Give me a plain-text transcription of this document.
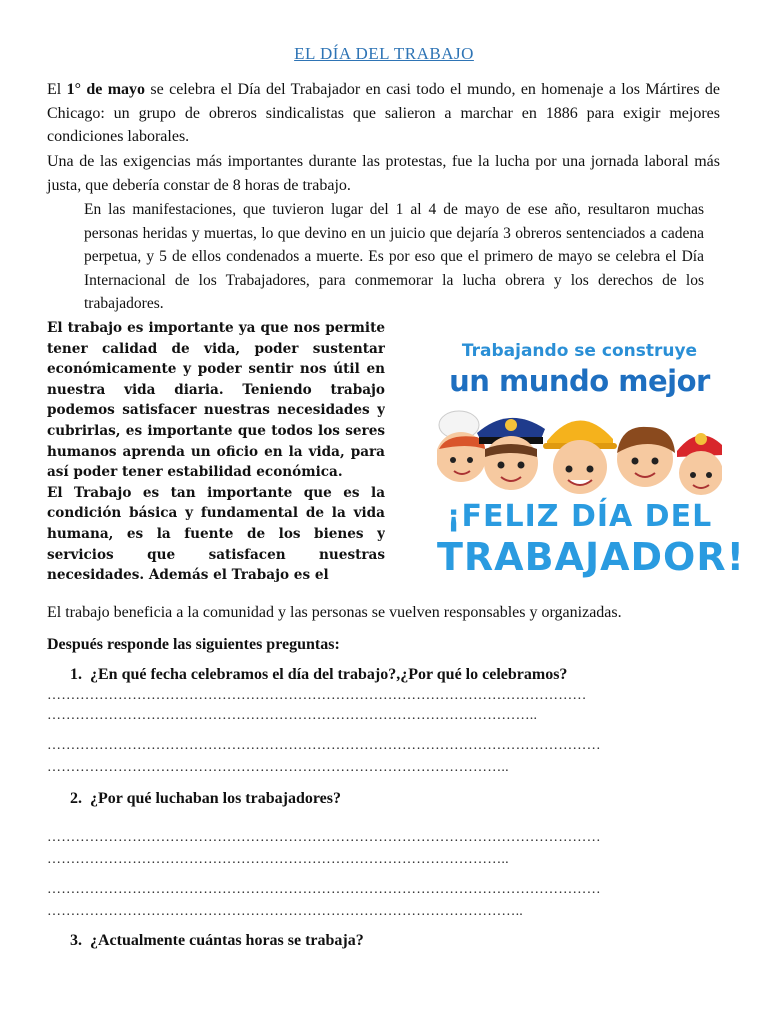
EL DÍA DEL TRABAJO

El 1° de mayo se celebra el Día del Trabajador en casi todo el mundo, en homenaje a los Mártires de Chicago: un grupo de obreros sindicalistas que salieron a marchar en 1886 para exigir mejores condiciones laborales.

Una de las exigencias más importantes durante las protestas, fue la lucha por una jornada laboral más justa, que debería constar de 8 horas de trabajo.

En las manifestaciones, que tuvieron lugar del 1 al 4 de mayo de ese año, resultaron muchas personas heridas y muertas, lo que devino en un juicio que dejaría 3 obreros sentenciados a cadena perpetua, y 5 de ellos condenados a muerte. Es por eso que el primero de mayo se celebra el Día Internacional de los Trabajadores, para conmemorar la lucha obrera y los derechos de los trabajadores.

El trabajo es importante ya que nos permite tener calidad de vida, poder sustentar económicamente y poder sentir nos útil en nuestra vida diaria. Teniendo trabajo podemos satisfacer nuestras necesidades y cubrirlas, es importante que todos los seres humanos aprenda un oficio en la vida, para así poder tener estabilidad económica.

El Trabajo es tan importante que es la condición básica y fundamental de la vida humana, es la fuente de los bienes y servicios que satisfacen nuestras necesidades. Además el Trabajo es el

Trabajando se construye
un mundo mejor
¡FELIZ DÍA DEL
TRABAJADOR!
El trabajo beneficia a la comunidad y las personas se vuelven responsables y organizadas.
Después responde las siguientes preguntas:
1. ¿En qué fecha celebramos el día del trabajo?,¿Por qué lo celebramos?
……………………………………………………………………………………………………
…………………………………………………………………………………………..
………………………………………………………………………………………………………
……………………………………………………………………………………..
2. ¿Por qué luchaban los trabajadores?
………………………………………………………………………………………………………
……………………………………………………………………………………..
………………………………………………………………………………………………………
………………………………………………………………………………………..
3. ¿Actualmente cuántas horas se trabaja?
